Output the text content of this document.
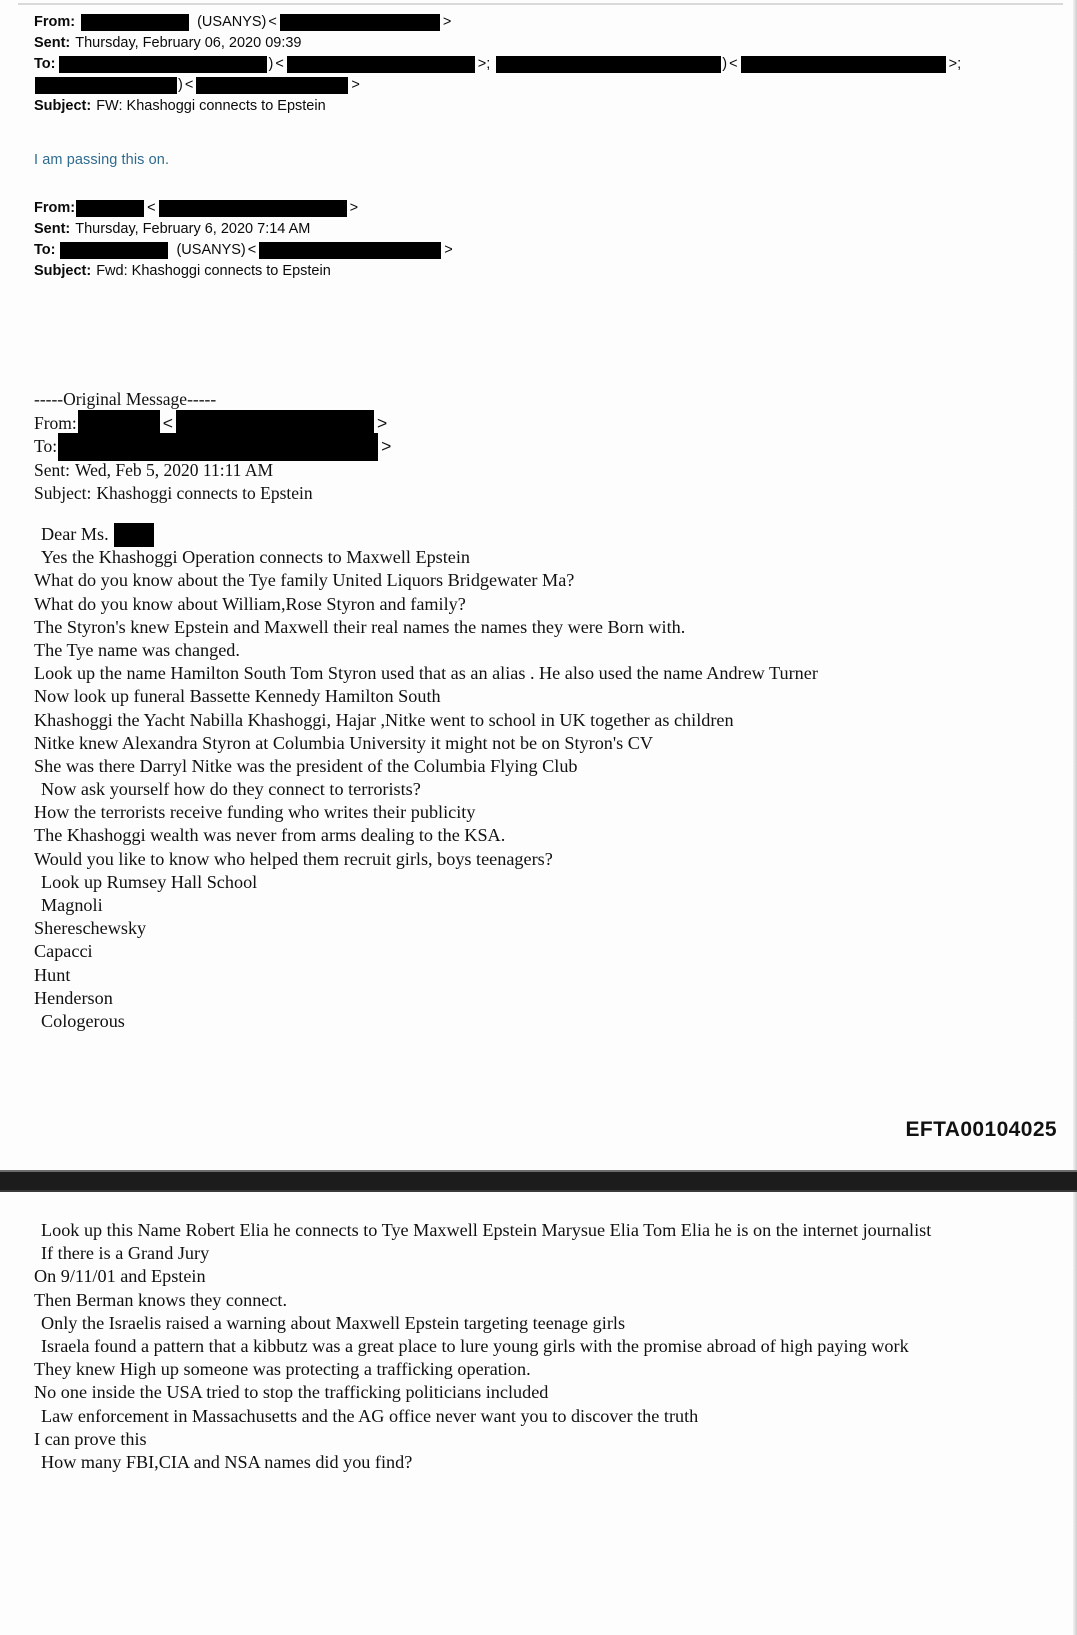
From:	(USANYS) <	>
Sent: Thursday, February 06, 2020 09:39
To:	) <	>;	) <	>;
) <	>
Subject: FW: Khashoggi connects to Epstein
I am passing this on.
From:	<	>
Sent: Thursday, February 6, 2020 7:14 AM
To:	(USANYS) <	>
Subject: Fwd: Khashoggi connects to Epstein
-----Original Message-----
From:	<	>
To:	>
Sent: Wed, Feb 5, 2020 11:11 AM
Subject: Khashoggi connects to Epstein
Dear Ms.
Yes the Khashoggi Operation connects to Maxwell Epstein
What do you know about the Tye family United Liquors Bridgewater Ma?
What do you know about William,Rose Styron and family?
The Styron's knew Epstein and Maxwell their real names the names they were Born with.
The Tye name was changed.
Look up the name Hamilton South Tom Styron used that as an alias . He also used the name Andrew Turner
Now look up funeral Bassette Kennedy Hamilton South
Khashoggi the Yacht Nabilla Khashoggi, Hajar ,Nitke went to school in UK together as children
Nitke knew Alexandra Styron at Columbia University it might not be on Styron's CV
She was there Darryl Nitke was the president of the Columbia Flying Club
Now ask yourself how do they connect to terrorists?
How the terrorists receive funding who writes their publicity
The Khashoggi wealth was never from arms dealing to the KSA.
Would you like to know who helped them recruit girls, boys teenagers?
Look up Rumsey Hall School
Magnoli
Shereschewsky
Capacci
Hunt
Henderson
Cologerous
EFTA00104025
Look up this Name Robert Elia he connects to Tye Maxwell Epstein Marysue Elia Tom Elia he is on the internet journalist
If there is a Grand Jury
On 9/11/01 and Epstein
Then Berman knows they connect.
Only the Israelis raised a warning about Maxwell Epstein targeting teenage girls
Israela found a pattern that a kibbutz was a great place to lure young girls with the promise abroad of high paying work
They knew High up someone was protecting a trafficking operation.
No one inside the USA tried to stop the trafficking politicians included
Law enforcement in Massachusetts and the AG office never want you to discover the truth
I can prove this
How many FBI,CIA and NSA names did you find?
